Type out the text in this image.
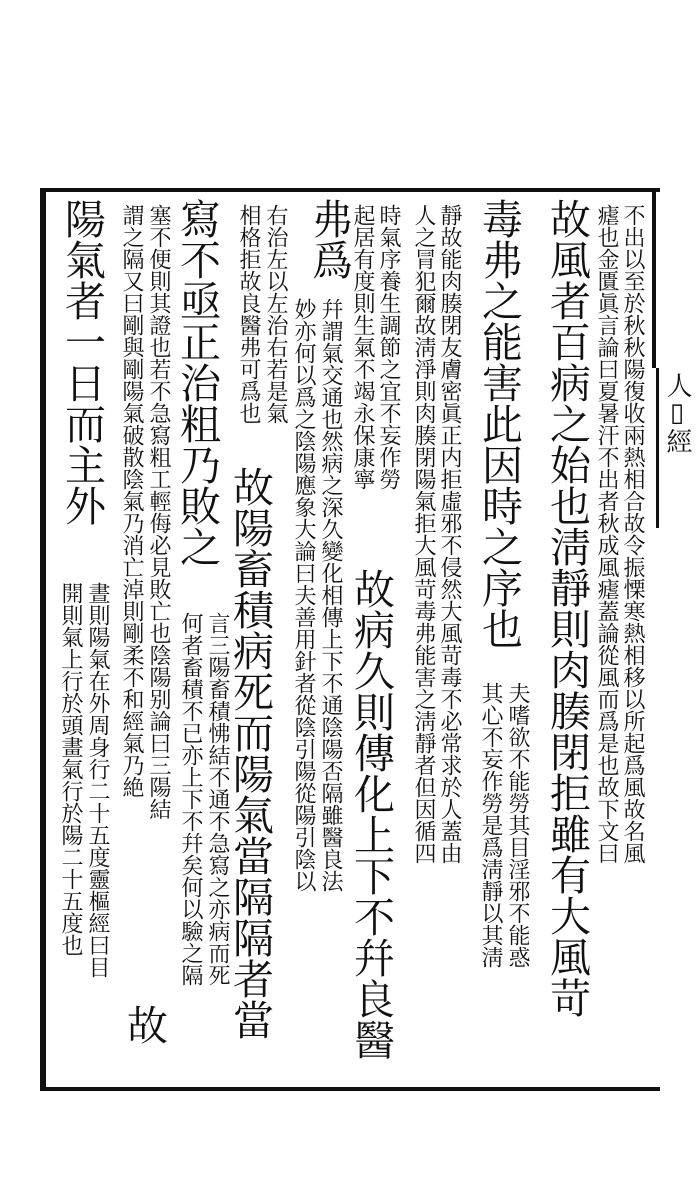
人▯經
不出以至於秋秋陽復收兩熱相合故令振慄寒熱相移以所起爲風故名風
瘧也金匱眞言論曰夏暑汗不出者秋成風瘧蓋論從風而爲是也故下文曰
故風者百病之始也淸靜則肉腠閉拒雖有大風苛
夫嗜欲不能勞其目淫邪不能惑
其心不妄作勞是爲淸靜以其淸
毒弗之能害此因時之序也
靜故能肉腠閉友膚密眞正内拒虛邪不侵然大風苛毒不必常求於人蓋由
人之冐犯爾故淸淨則肉腠閉陽氣拒大風苛毒弗能害之淸靜者但因循四
時氣序養生調節之宜不妄作勞
起居有度則生氣不竭永保康寧
故病久則傳化上下不幷良醫
弗爲
幷謂氣交通也然病之深久變化相傳上下不通陰陽否隔雖醫良法
妙亦何以爲之陰陽應象大論曰夫善用針者從陰引陽從陽引陰以
右治左以左治右若是氣
相格拒故良醫弗可爲也
故陽畜積病死而陽氣當隔隔者當
寫不亟正治粗乃敗之
言三陽畜積怫結不通不急寫之亦病而死
何者畜積不已亦上下不幷矣何以驗之隔
塞不便則其證也若不急寫粗工輕侮必見敗亡也陰陽别論曰三陽結
謂之隔又曰剛與剛陽氣破散陰氣乃消亡淖則剛柔不和經氣乃絶
故
陽氣者一日而主外
晝則陽氣在外周身行二十五度靈樞經曰目
開則氣上行於頭畫氣行於陽二十五度也
